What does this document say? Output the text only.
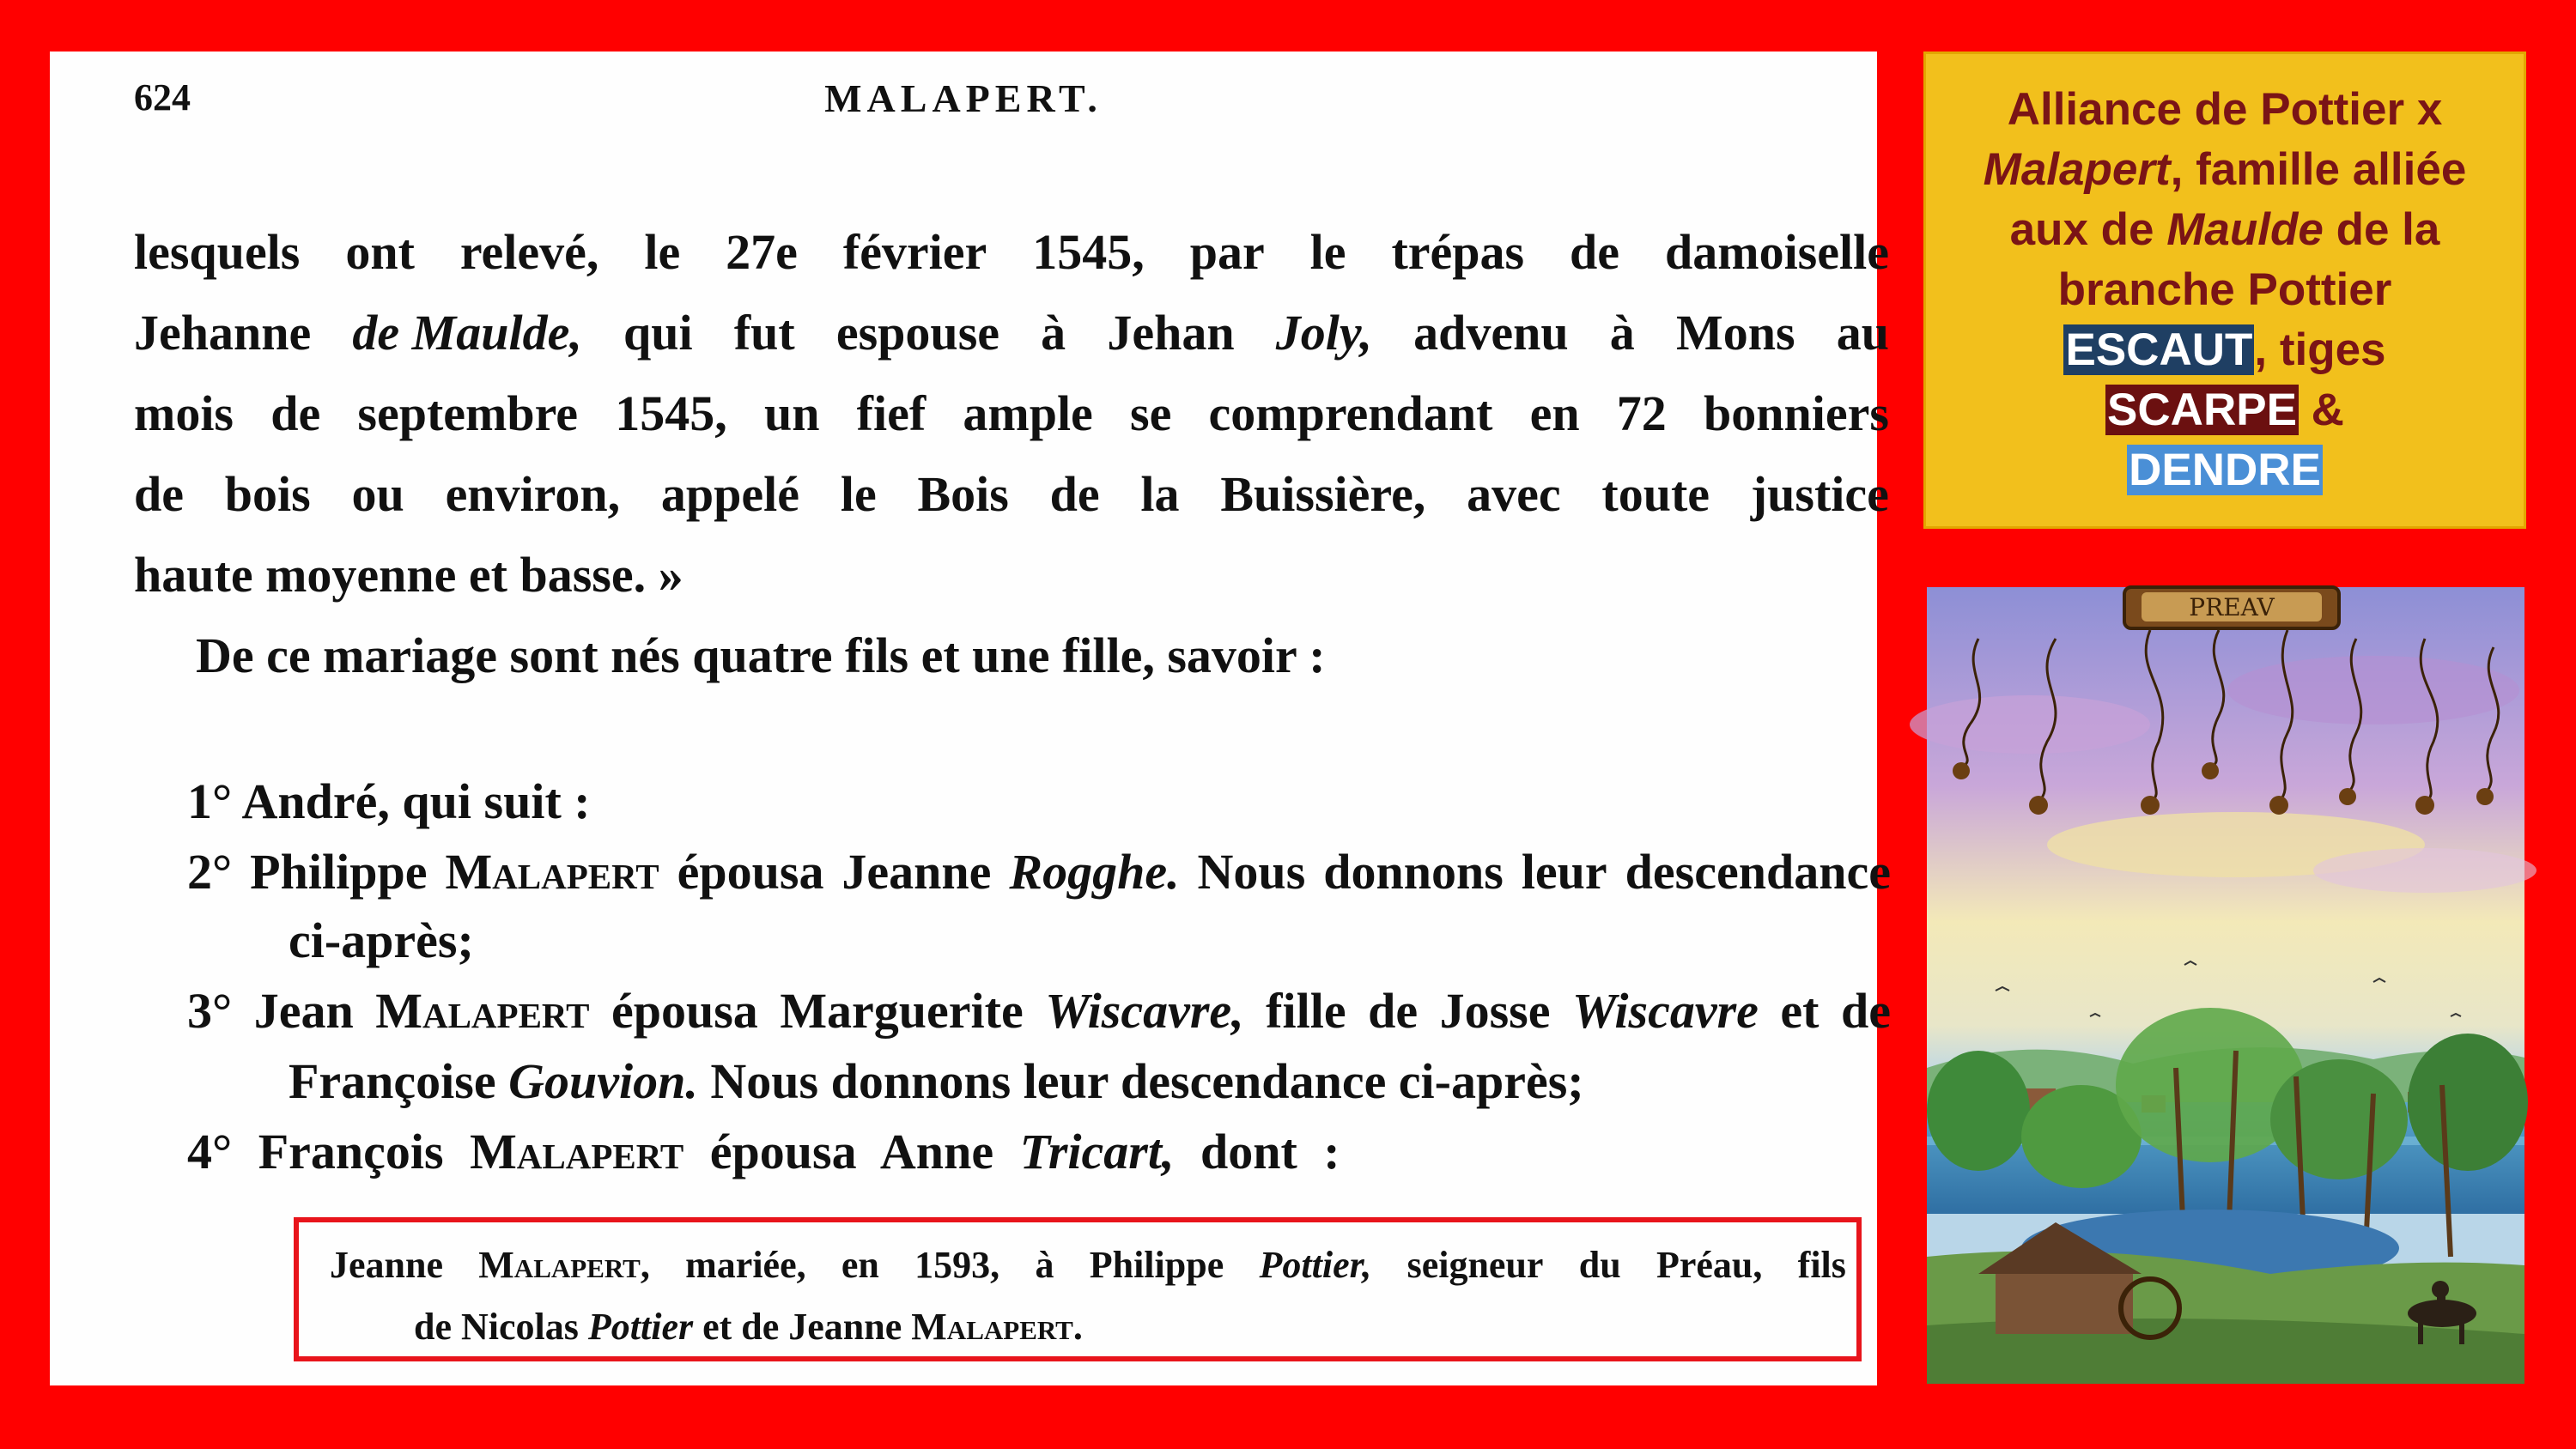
624	MALAPERT.
lesquels ont relevé, le 27e février 1545, par le trépas de damoiselle
Jehanne de Maulde, qui fut espouse à Jehan Joly, advenu à Mons au
mois de septembre 1545, un fief ample se comprendant en 72 bonniers
de bois ou environ, appelé le Bois de la Buissière, avec toute justice
haute moyenne et basse. »
De ce mariage sont nés quatre fils et une fille, savoir :
1° André, qui suit :
2° Philippe Malapert épousa Jeanne Rogghe. Nous donnons leur descendance
ci-après;
3° Jean Malapert épousa Marguerite Wiscavre, fille de Josse Wiscavre et de
Françoise Gouvion. Nous donnons leur descendance ci-après;
4° François Malapert épousa Anne Tricart, dont :
Jeanne Malapert, mariée, en 1593, à Philippe Pottier, seigneur du Préau, fils
de Nicolas Pottier et de Jeanne Malapert.
Alliance de Pottier x
Malapert, famille alliée
aux de Maulde de la
branche Pottier
ESCAUT, tiges
SCARPE &
DENDRE
PREAV
